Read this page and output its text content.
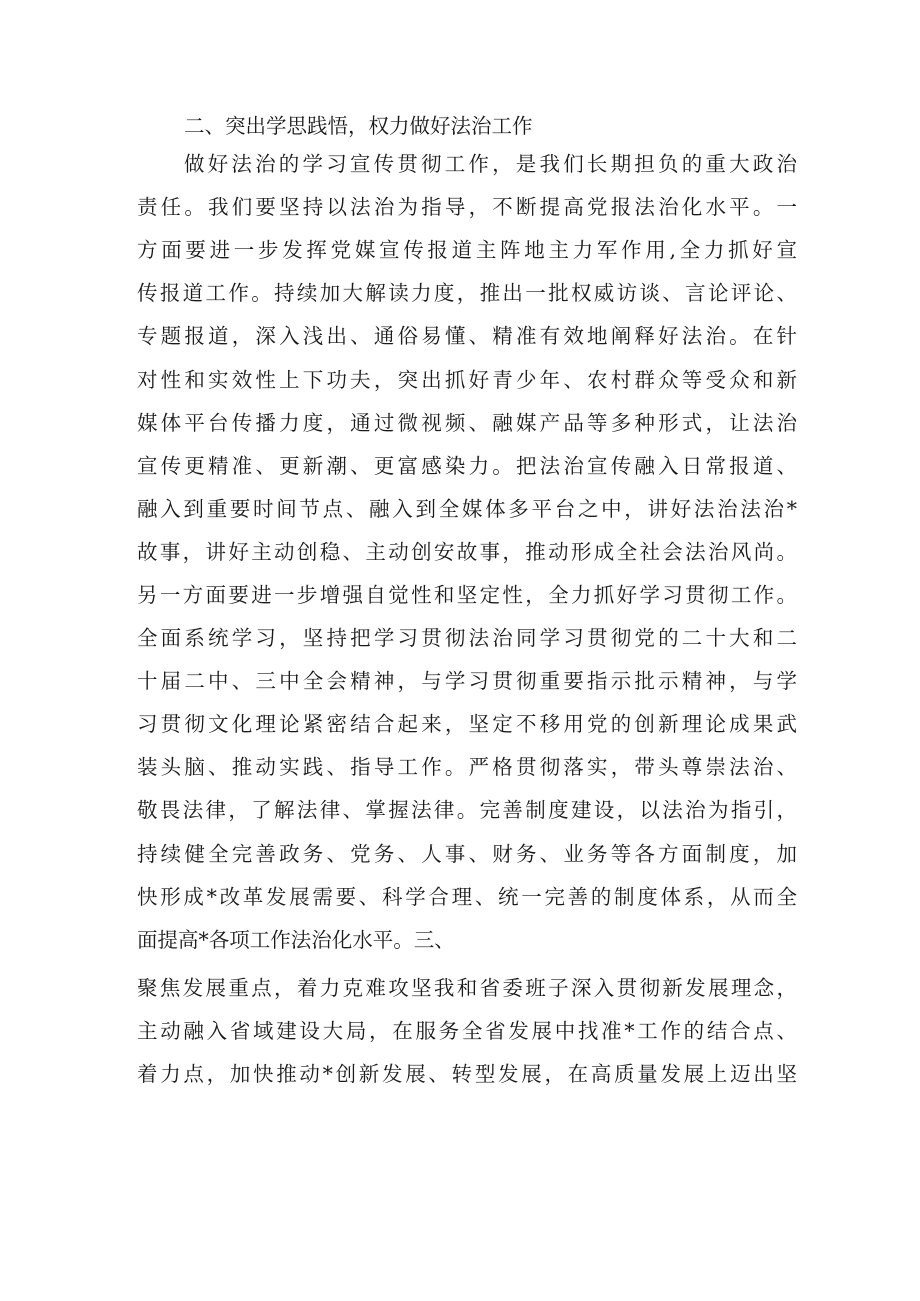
二、突出学思践悟，权力做好法治工作
做好法治的学习宣传贯彻工作，是我们长期担负的重大政治
责任。我们要坚持以法治为指导，不断提高党报法治化水平。一
方面要进一步发挥党媒宣传报道主阵地主力军作用,全力抓好宣
传报道工作。持续加大解读力度，推出一批权威访谈、言论评论、
专题报道，深入浅出、通俗易懂、精准有效地阐释好法治。在针
对性和实效性上下功夫，突出抓好青少年、农村群众等受众和新
媒体平台传播力度，通过微视频、融媒产品等多种形式，让法治
宣传更精准、更新潮、更富感染力。把法治宣传融入日常报道、
融入到重要时间节点、融入到全媒体多平台之中，讲好法治法治*
故事，讲好主动创稳、主动创安故事，推动形成全社会法治风尚。
另一方面要进一步增强自觉性和坚定性，全力抓好学习贯彻工作。
全面系统学习，坚持把学习贯彻法治同学习贯彻党的二十大和二
十届二中、三中全会精神，与学习贯彻重要指示批示精神，与学
习贯彻文化理论紧密结合起来，坚定不移用党的创新理论成果武
装头脑、推动实践、指导工作。严格贯彻落实，带头尊崇法治、
敬畏法律，了解法律、掌握法律。完善制度建设，以法治为指引，
持续健全完善政务、党务、人事、财务、业务等各方面制度，加
快形成*改革发展需要、科学合理、统一完善的制度体系，从而全
面提高*各项工作法治化水平。三、
聚焦发展重点，着力克难攻坚我和省委班子深入贯彻新发展理念，
主动融入省域建设大局，在服务全省发展中找准*工作的结合点、
着力点，加快推动*创新发展、转型发展，在高质量发展上迈出坚
